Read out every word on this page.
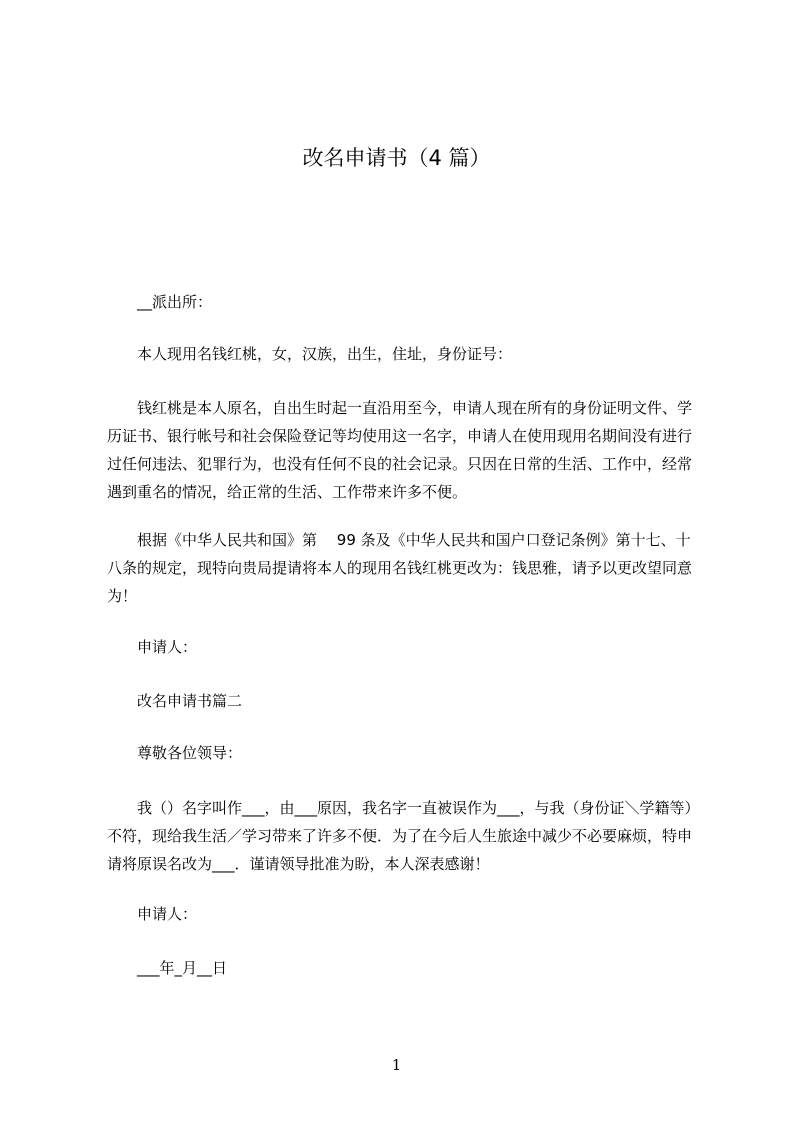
改名申请书（4 篇）
__派出所：
本人现用名钱红桃，女，汉族，出生，住址，身份证号：
钱红桃是本人原名，自出生时起一直沿用至今，申请人现在所有的身份证明文件、学历证书、银行帐号和社会保险登记等均使用这一名字，申请人在使用现用名期间没有进行过任何违法、犯罪行为，也没有任何不良的社会记录。只因在日常的生活、工作中，经常遇到重名的情况，给正常的生活、工作带来许多不便。
根据《中华人民共和国》第　 99 条及《中华人民共和国户口登记条例》第十七、十八条的规定，现特向贵局提请将本人的现用名钱红桃更改为：钱思雅，请予以更改望同意为！
申请人：
改名申请书篇二
尊敬各位领导：
我（）名字叫作___，由___原因，我名字一直被误作为___，与我（身份证＼学籍等）不符，现给我生活／学习带来了许多不便．为了在今后人生旅途中减少不必要麻烦，特申请将原误名改为___．谨请领导批准为盼，本人深表感谢！
申请人：
___年_月__日
1
